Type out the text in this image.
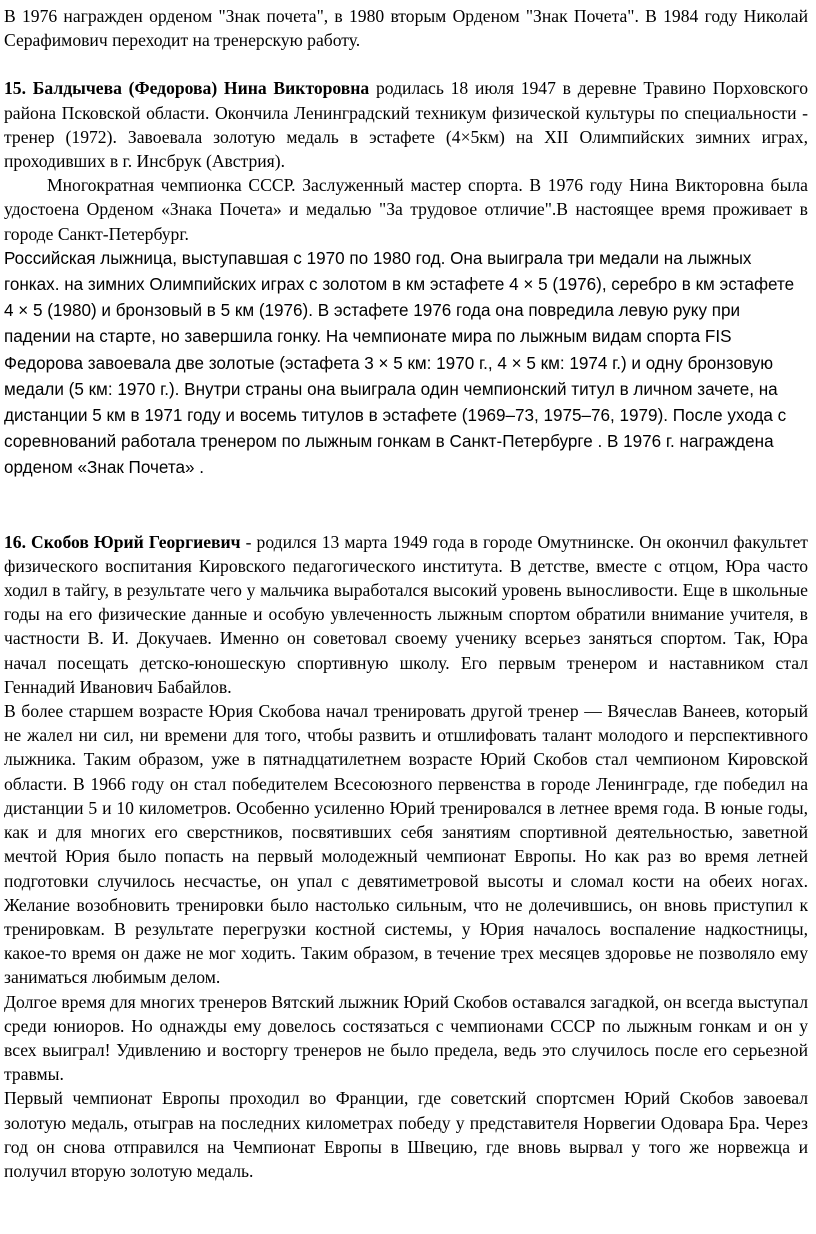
В 1976 награжден орденом "Знак почета", в 1980 вторым Орденом "Знак Почета". В 1984 году Николай Серафимович переходит на тренерскую работу.

15. Балдычева (Федорова) Нина Викторовна родилась 18 июля 1947 в деревне Травино Порховского района Псковской области. Окончила Ленинградский техникум физической культуры по специальности - тренер (1972). Завоевала золотую медаль в эстафете (4×5км) на XII Олимпийских зимних играх, проходивших в г. Инсбрук (Австрия).

Многократная чемпионка СССР. Заслуженный мастер спорта. В 1976 году Нина Викторовна была удостоена Орденом «Знака Почета» и медалью "За трудовое отличие".В настоящее время проживает в городе Санкт-Петербург.

Российская лыжница, выступавшая с 1970 по 1980 год. Она выиграла три медали на лыжных гонках. на зимних Олимпийских играх с золотом в км эстафете 4 × 5 (1976), серебро в км эстафете 4 × 5 (1980) и бронзовый в 5 км (1976). В эстафете 1976 года она повредила левую руку при падении на старте, но завершила гонку. На чемпионате мира по лыжным видам спорта FIS Федорова завоевала две золотые (эстафета 3 × 5 км: 1970 г., 4 × 5 км: 1974 г.) и одну бронзовую медали (5 км: 1970 г.). Внутри страны она выиграла один чемпионский титул в личном зачете, на дистанции 5 км в 1971 году и восемь титулов в эстафете (1969–73, 1975–76, 1979). После ухода с соревнований работала тренером по лыжным гонкам в Санкт-Петербурге . В 1976 г. награждена орденом «Знак Почета» .

16. Скобов Юрий Георгиевич - родился 13 марта 1949 года в городе Омутнинске. Он окончил факультет физического воспитания Кировского педагогического института. В детстве, вместе с отцом, Юра часто ходил в тайгу, в результате чего у мальчика выработался высокий уровень выносливости. Еще в школьные годы на его физические данные и особую увлеченность лыжным спортом обратили внимание учителя, в частности В. И. Докучаев. Именно он советовал своему ученику всерьез заняться спортом. Так, Юра начал посещать детско-юношескую спортивную школу. Его первым тренером и наставником стал Геннадий Иванович Бабайлов.

В более старшем возрасте Юрия Скобова начал тренировать другой тренер — Вячеслав Ванеев, который не жалел ни сил, ни времени для того, чтобы развить и отшлифовать талант молодого и перспективного лыжника. Таким образом, уже в пятнадцатилетнем возрасте Юрий Скобов стал чемпионом Кировской области. В 1966 году он стал победителем Всесоюзного первенства в городе Ленинграде, где победил на дистанции 5 и 10 километров. Особенно усиленно Юрий тренировался в летнее время года. В юные годы, как и для многих его сверстников, посвятивших себя занятиям спортивной деятельностью, заветной мечтой Юрия было попасть на первый молодежный чемпионат Европы. Но как раз во время летней подготовки случилось несчастье, он упал с девятиметровой высоты и сломал кости на обеих ногах. Желание возобновить тренировки было настолько сильным, что не долечившись, он вновь приступил к тренировкам. В результате перегрузки костной системы, у Юрия началось воспаление надкостницы, какое-то время он даже не мог ходить. Таким образом, в течение трех месяцев здоровье не позволяло ему заниматься любимым делом.

Долгое время для многих тренеров Вятский лыжник Юрий Скобов оставался загадкой, он всегда выступал среди юниоров. Но однажды ему довелось состязаться с чемпионами СССР по лыжным гонкам и он у всех выиграл! Удивлению и восторгу тренеров не было предела, ведь это случилось после его серьезной травмы.

Первый чемпионат Европы проходил во Франции, где советский спортсмен Юрий Скобов завоевал золотую медаль, отыграв на последних километрах победу у представителя Норвегии Одовара Бра. Через год он снова отправился на Чемпионат Европы в Швецию, где вновь вырвал у того же норвежца и получил вторую золотую медаль.
